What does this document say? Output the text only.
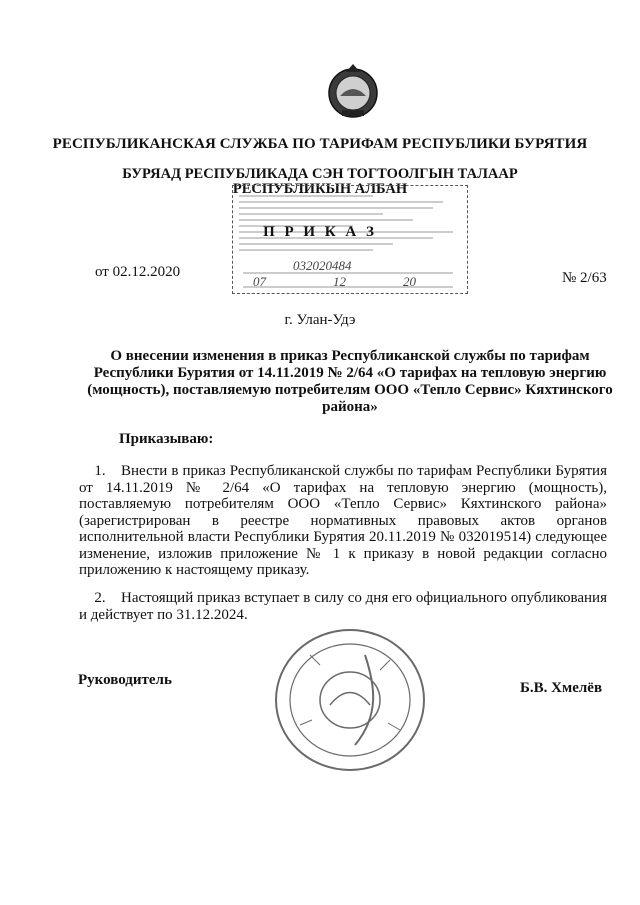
РЕСПУБЛИКАНСКАЯ СЛУЖБА ПО ТАРИФАМ РЕСПУБЛИКИ БУРЯТИЯ
БУРЯАД РЕСПУБЛИКАДА СЭН ТОГТООЛГЫН ТАЛААР
РЕСПУБЛИКЫН АЛБАН
032020484
07	12	20
П Р И К А З
от 02.12.2020	№ 2/63
г. Улан-Удэ
О внесении изменения в приказ Республиканской службы по тарифам Республики Бурятия от 14.11.2019 № 2/64 «О тарифах на тепловую энергию (мощность), поставляемую потребителям ООО «Тепло Сервис» Кяхтинского района»
Приказываю:
1. Внести в приказ Республиканской службы по тарифам Республики Бурятия от 14.11.2019 № 2/64 «О тарифах на тепловую энергию (мощность), поставляемую потребителям ООО «Тепло Сервис» Кяхтинского района» (зарегистрирован в реестре нормативных правовых актов органов исполнительной власти Республики Бурятия 20.11.2019 № 032019514) следующее изменение, изложив приложение № 1 к приказу в новой редакции согласно приложению к настоящему приказу.
2. Настоящий приказ вступает в силу со дня его официального опубликования и действует по 31.12.2024.
Руководитель	Б.В. Хмелёв
